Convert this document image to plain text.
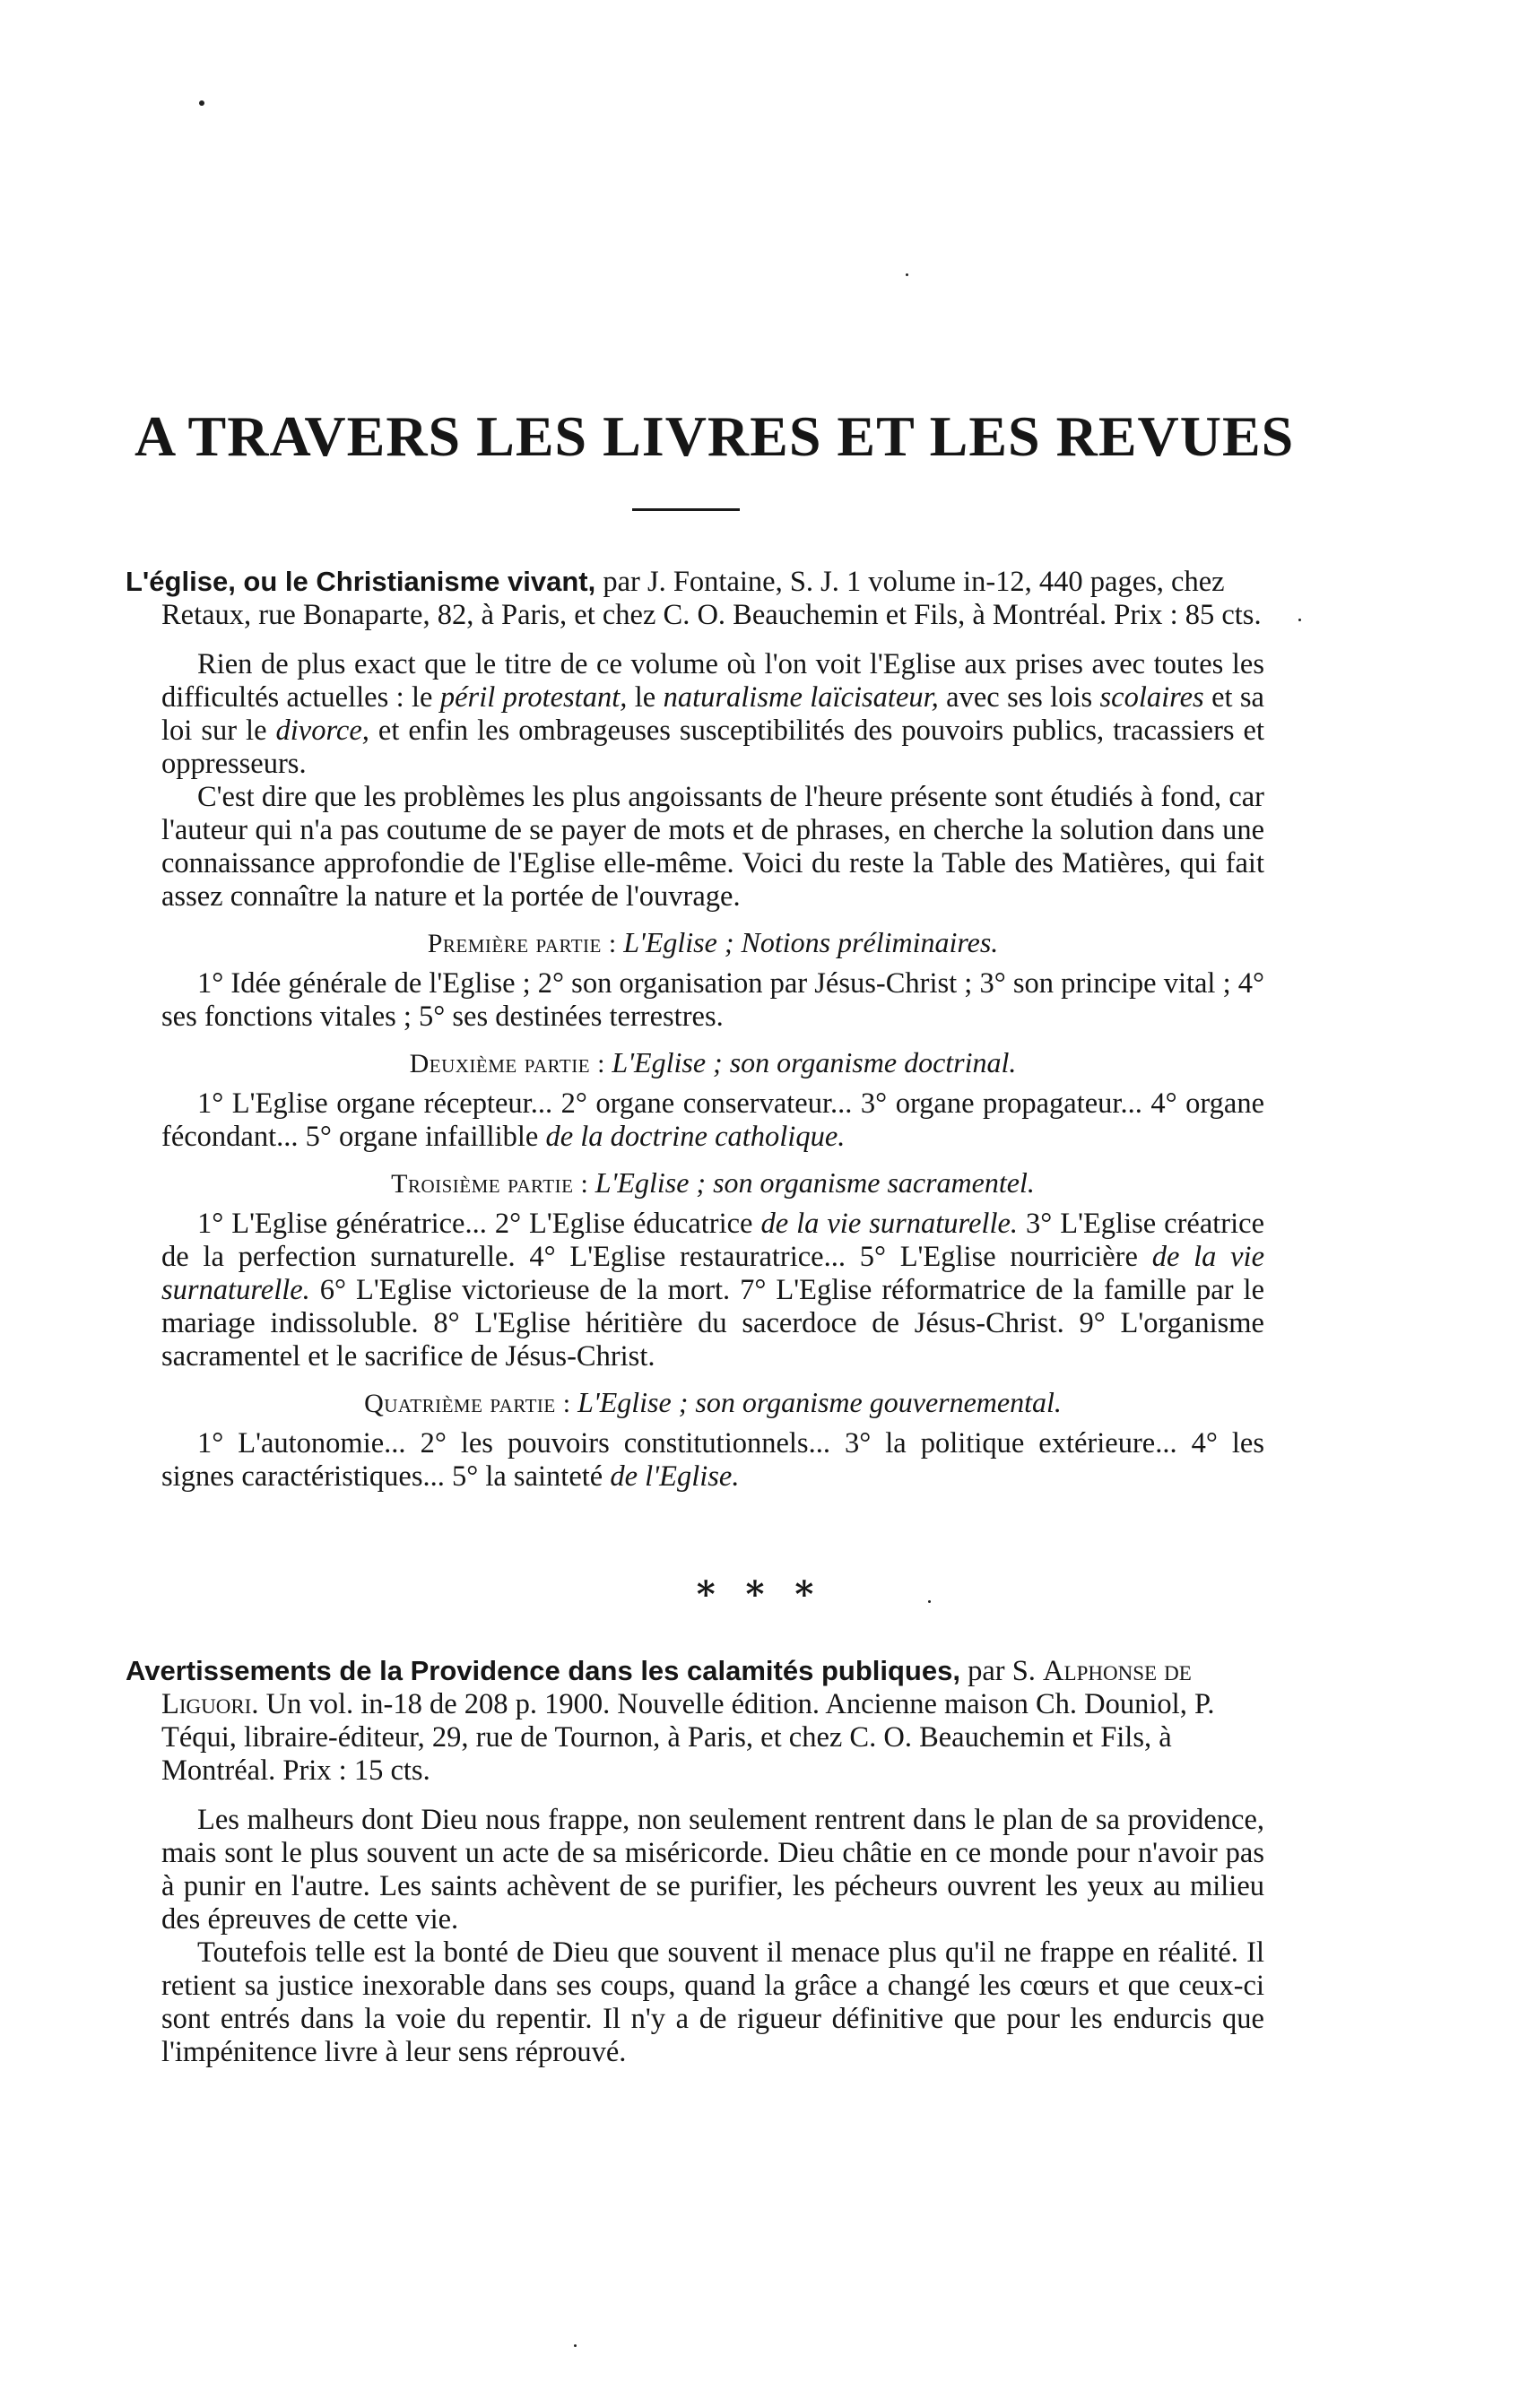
A TRAVERS LES LIVRES ET LES REVUES

L'église, ou le Christianisme vivant, par J. Fontaine, S. J. 1 volume in-12, 440 pages, chez Retaux, rue Bonaparte, 82, à Paris, et chez C. O. Beauchemin et Fils, à Montréal. Prix : 85 cts.

Rien de plus exact que le titre de ce volume où l'on voit l'Eglise aux prises avec toutes les difficultés actuelles : le péril protestant, le naturalisme laïcisateur, avec ses lois scolaires et sa loi sur le divorce, et enfin les ombrageuses susceptibilités des pouvoirs publics, tracassiers et oppresseurs.

C'est dire que les problèmes les plus angoissants de l'heure présente sont étudiés à fond, car l'auteur qui n'a pas coutume de se payer de mots et de phrases, en cherche la solution dans une connaissance approfondie de l'Eglise elle-même. Voici du reste la Table des Matières, qui fait assez connaître la nature et la portée de l'ouvrage.

Première partie : L'Eglise ; Notions préliminaires.

1° Idée générale de l'Eglise ; 2° son organisation par Jésus-Christ ; 3° son principe vital ; 4° ses fonctions vitales ; 5° ses destinées terrestres.

Deuxième partie : L'Eglise ; son organisme doctrinal.

1° L'Eglise organe récepteur... 2° organe conservateur... 3° organe propagateur... 4° organe fécondant... 5° organe infaillible de la doctrine catholique.

Troisième partie : L'Eglise ; son organisme sacramentel.

1° L'Eglise génératrice... 2° L'Eglise éducatrice de la vie surnaturelle. 3° L'Eglise créatrice de la perfection surnaturelle. 4° L'Eglise restauratrice... 5° L'Eglise nourricière de la vie surnaturelle. 6° L'Eglise victorieuse de la mort. 7° L'Eglise réformatrice de la famille par le mariage indissoluble. 8° L'Eglise héritière du sacerdoce de Jésus-Christ. 9° L'organisme sacramentel et le sacrifice de Jésus-Christ.

Quatrième partie : L'Eglise ; son organisme gouvernemental.

1° L'autonomie... 2° les pouvoirs constitutionnels... 3° la politique extérieure... 4° les signes caractéristiques... 5° la sainteté de l'Eglise.

* * *

Avertissements de la Providence dans les calamités publiques, par S. Alphonse de Liguori. Un vol. in-18 de 208 p. 1900. Nouvelle édition. Ancienne maison Ch. Douniol, P. Téqui, libraire-éditeur, 29, rue de Tournon, à Paris, et chez C. O. Beauchemin et Fils, à Montréal. Prix : 15 cts.

Les malheurs dont Dieu nous frappe, non seulement rentrent dans le plan de sa providence, mais sont le plus souvent un acte de sa miséricorde. Dieu châtie en ce monde pour n'avoir pas à punir en l'autre. Les saints achèvent de se purifier, les pécheurs ouvrent les yeux au milieu des épreuves de cette vie.

Toutefois telle est la bonté de Dieu que souvent il menace plus qu'il ne frappe en réalité. Il retient sa justice inexorable dans ses coups, quand la grâce a changé les cœurs et que ceux-ci sont entrés dans la voie du repentir. Il n'y a de rigueur définitive que pour les endurcis que l'impénitence livre à leur sens réprouvé.
